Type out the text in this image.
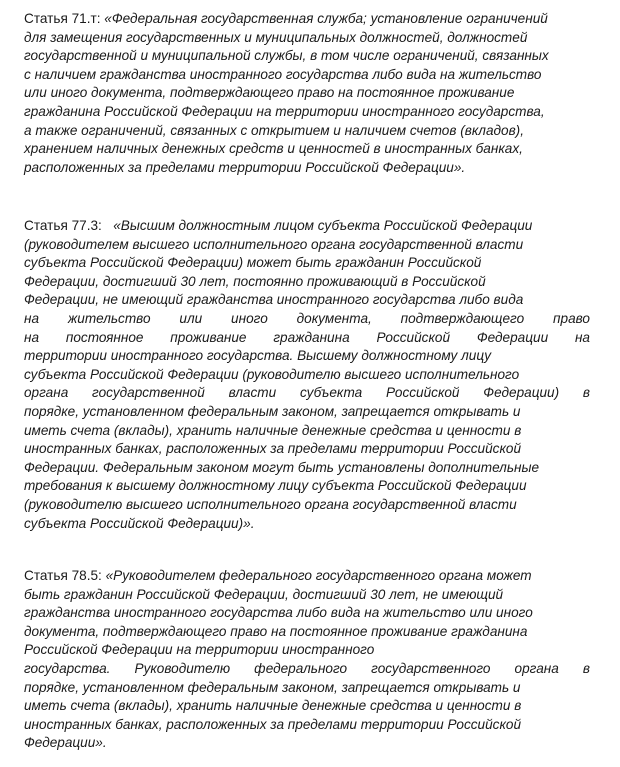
Статья 71.т: «Федеральная государственная служба; установление ограничений
для замещения государственных и муниципальных должностей, должностей
государственной и муниципальной службы, в том числе ограничений, связанных
с наличием гражданства иностранного государства либо вида на жительство
или иного документа, подтверждающего право на постоянное проживание
гражданина Российской Федерации на территории иностранного государства,
а также ограничений, связанных с открытием и наличием счетов (вкладов),
хранением наличных денежных средств и ценностей в иностранных банках,
расположенных за пределами территории Российской Федерации».
Статья 77.3: «Высшим должностным лицом субъекта Российской Федерации
(руководителем высшего исполнительного органа государственной власти
субъекта Российской Федерации) может быть гражданин Российской
Федерации, достигший 30 лет, постоянно проживающий в Российской
Федерации, не имеющий гражданства иностранного государства либо вида
на жительство или иного документа, подтверждающего право
на постоянное проживание гражданина Российской Федерации на
территории иностранного государства. Высшему должностному лицу
субъекта Российской Федерации (руководителю высшего исполнительного
органа государственной власти субъекта Российской Федерации) в
порядке, установленном федеральным законом, запрещается открывать и
иметь счета (вклады), хранить наличные денежные средства и ценности в
иностранных банках, расположенных за пределами территории Российской
Федерации. Федеральным законом могут быть установлены дополнительные
требования к высшему должностному лицу субъекта Российской Федерации
(руководителю высшего исполнительного органа государственной власти
субъекта Российской Федерации)».
Статья 78.5: «Руководителем федерального государственного органа может
быть гражданин Российской Федерации, достигший 30 лет, не имеющий
гражданства иностранного государства либо вида на жительство или иного
документа, подтверждающего право на постоянное проживание гражданина
Российской Федерации на территории иностранного
государства. Руководителю федерального государственного органа в
порядке, установленном федеральным законом, запрещается открывать и
иметь счета (вклады), хранить наличные денежные средства и ценности в
иностранных банках, расположенных за пределами территории Российской
Федерации».
